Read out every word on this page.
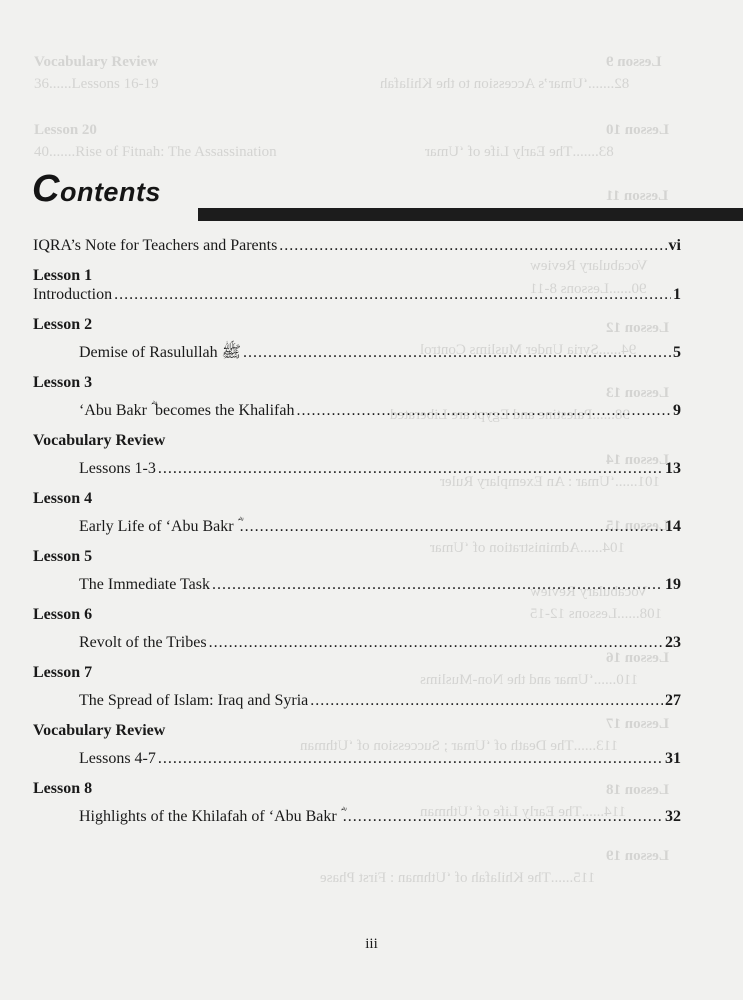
Vocabulary Review
36......Lessons 16-19	82.......‘Umar’s Accession to the Khilafah
Lesson 9
Lesson 20
40.......Rise of Fitnah: The Assassination	83.......The Early Life of ‘Umar
Lesson 10
Lesson 11
Vocabulary Review
90......Lessons 8-11
Lesson 12
94......Syria Under Muslims Control
Lesson 13
98......Palestine and Egypt are Liberated
Lesson 14
101......‘Umar : An Exemplary Ruler
Lesson 15
104......Administration of ‘Umar
Vocabulary Review
108......Lessons 12-15
Lesson 16
110......‘Umar and the Non-Muslims
Lesson 17
113......The Death of ‘Umar ; Succession of ‘Uthman
Lesson 18
114......The Early Life of ‘Uthman
Lesson 19
115......The Khilafah of ‘Uthman : First Phase
Contents
IQRA’s Note for Teachers and Parents .....	vi
Lesson 1
Introduction .....	1
Lesson 2
Demise of Rasulullah ﷺ .....	5
Lesson 3
‘Abu Bakr ؓ becomes the Khalifah .....	9
Vocabulary Review
Lessons 1-3 .....	13
Lesson 4
Early Life of ‘Abu Bakr ؓ .....	14
Lesson 5
The Immediate Task .....	19
Lesson 6
Revolt of the Tribes .....	23
Lesson 7
The Spread of Islam: Iraq and Syria .....	27
Vocabulary Review
Lessons 4-7 .....	31
Lesson 8
Highlights of the Khilafah of ‘Abu Bakr ؓ .....	32
iii
